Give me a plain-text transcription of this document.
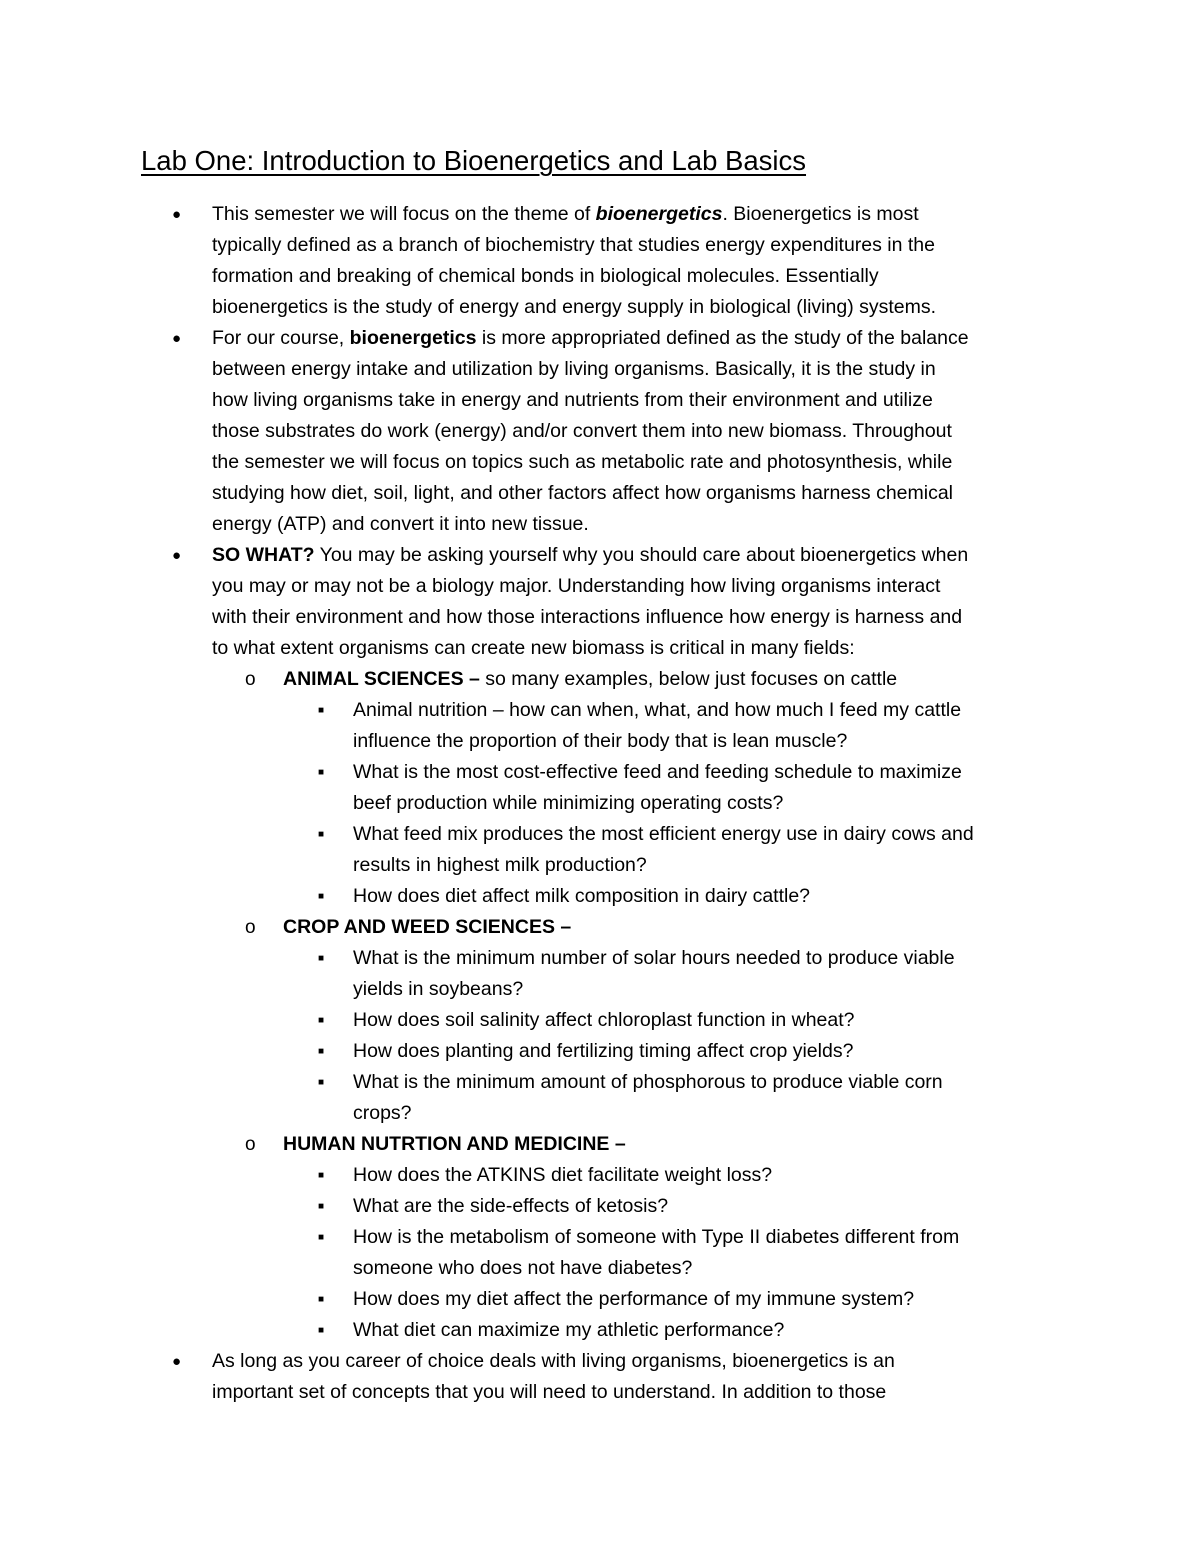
Lab One: Introduction to Bioenergetics and Lab Basics
● This semester we will focus on the theme of bioenergetics. Bioenergetics is most
typically defined as a branch of biochemistry that studies energy expenditures in the
formation and breaking of chemical bonds in biological molecules. Essentially
bioenergetics is the study of energy and energy supply in biological (living) systems.
● For our course, bioenergetics is more appropriated defined as the study of the balance
between energy intake and utilization by living organisms. Basically, it is the study in
how living organisms take in energy and nutrients from their environment and utilize
those substrates do work (energy) and/or convert them into new biomass. Throughout
the semester we will focus on topics such as metabolic rate and photosynthesis, while
studying how diet, soil, light, and other factors affect how organisms harness chemical
energy (ATP) and convert it into new tissue.
● SO WHAT? You may be asking yourself why you should care about bioenergetics when
you may or may not be a biology major. Understanding how living organisms interact
with their environment and how those interactions influence how energy is harness and
to what extent organisms can create new biomass is critical in many fields:
o ANIMAL SCIENCES – so many examples, below just focuses on cattle
■ Animal nutrition – how can when, what, and how much I feed my cattle
influence the proportion of their body that is lean muscle?
■ What is the most cost-effective feed and feeding schedule to maximize
beef production while minimizing operating costs?
■ What feed mix produces the most efficient energy use in dairy cows and
results in highest milk production?
■ How does diet affect milk composition in dairy cattle?
o CROP AND WEED SCIENCES –
■ What is the minimum number of solar hours needed to produce viable
yields in soybeans?
■ How does soil salinity affect chloroplast function in wheat?
■ How does planting and fertilizing timing affect crop yields?
■ What is the minimum amount of phosphorous to produce viable corn
crops?
o HUMAN NUTRTION AND MEDICINE –
■ How does the ATKINS diet facilitate weight loss?
■ What are the side-effects of ketosis?
■ How is the metabolism of someone with Type II diabetes different from
someone who does not have diabetes?
■ How does my diet affect the performance of my immune system?
■ What diet can maximize my athletic performance?
● As long as you career of choice deals with living organisms, bioenergetics is an
important set of concepts that you will need to understand. In addition to those
